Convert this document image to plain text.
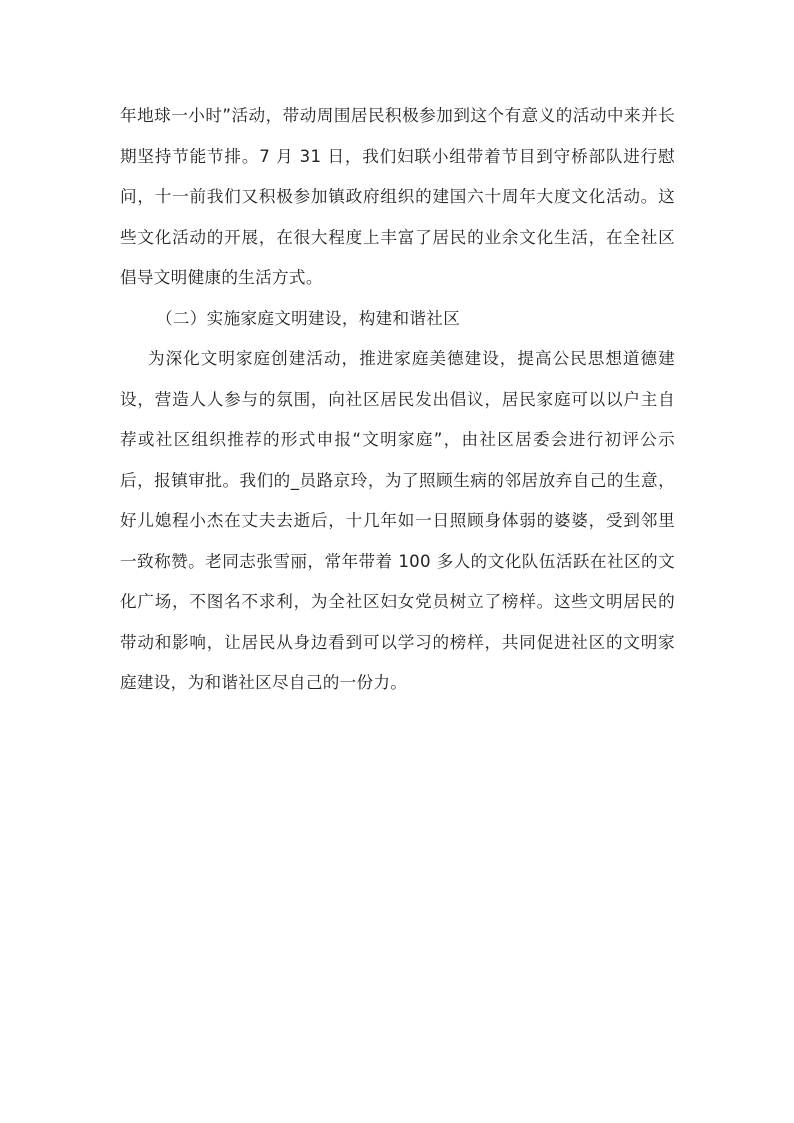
年地球一小时”活动，带动周围居民积极参加到这个有意义的活动中来并长期坚持节能节排。7 月 31 日，我们妇联小组带着节目到守桥部队进行慰问，十一前我们又积极参加镇政府组织的建国六十周年大度文化活动。这些文化活动的开展，在很大程度上丰富了居民的业余文化生活，在全社区倡导文明健康的生活方式。

（二）实施家庭文明建设，构建和谐社区

为深化文明家庭创建活动，推进家庭美德建设，提高公民思想道德建设，营造人人参与的氛围，向社区居民发出倡议，居民家庭可以以户主自荐或社区组织推荐的形式申报“文明家庭”，由社区居委会进行初评公示后，报镇审批。我们的_员路京玲，为了照顾生病的邻居放弃自己的生意，好儿媳程小杰在丈夫去逝后，十几年如一日照顾身体弱的婆婆，受到邻里一致称赞。老同志张雪丽，常年带着 100 多人的文化队伍活跃在社区的文化广场，不图名不求利，为全社区妇女党员树立了榜样。这些文明居民的带动和影响，让居民从身边看到可以学习的榜样，共同促进社区的文明家庭建设，为和谐社区尽自己的一份力。
